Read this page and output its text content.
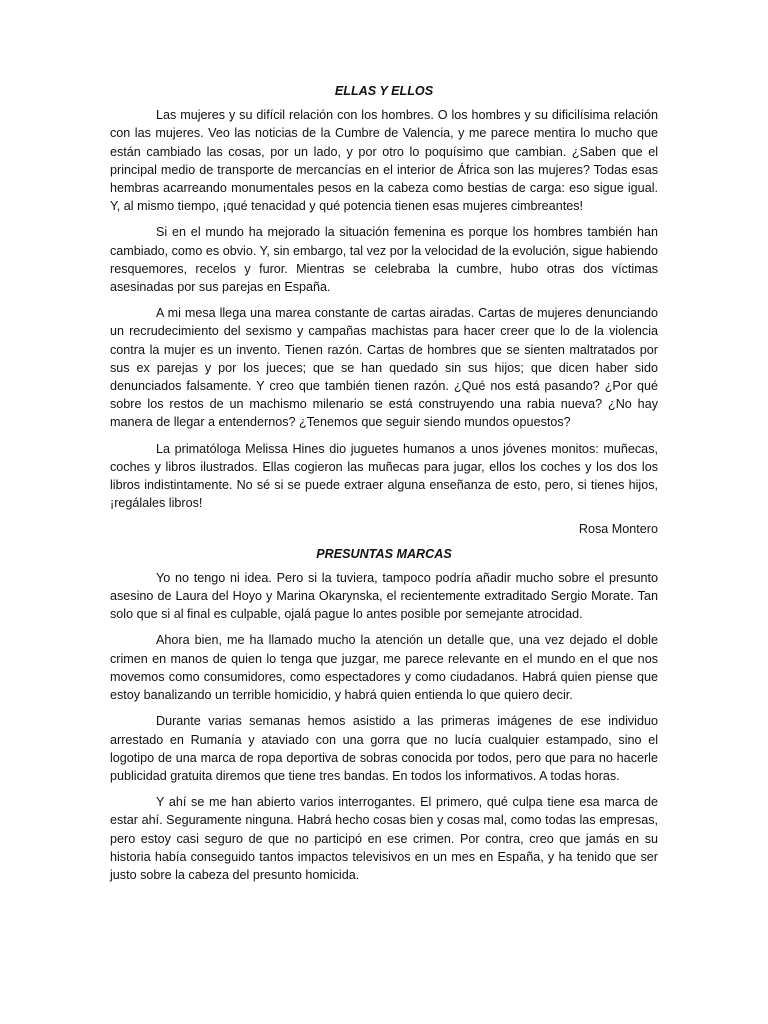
ELLAS Y ELLOS

Las mujeres y su difícil relación con los hombres. O los hombres y su dificilísima relación con las mujeres. Veo las noticias de la Cumbre de Valencia, y me parece mentira lo mucho que están cambiado las cosas, por un lado, y por otro lo poquísimo que cambian. ¿Saben que el principal medio de transporte de mercancías en el interior de África son las mujeres? Todas esas hembras acarreando monumentales pesos en la cabeza como bestias de carga: eso sigue igual. Y, al mismo tiempo, ¡qué tenacidad y qué potencia tienen esas mujeres cimbreantes!

Si en el mundo ha mejorado la situación femenina es porque los hombres también han cambiado, como es obvio. Y, sin embargo, tal vez por la velocidad de la evolución, sigue habiendo resquemores, recelos y furor. Mientras se celebraba la cumbre, hubo otras dos víctimas asesinadas por sus parejas en España.

A mi mesa llega una marea constante de cartas airadas. Cartas de mujeres denunciando un recrudecimiento del sexismo y campañas machistas para hacer creer que lo de la violencia contra la mujer es un invento. Tienen razón. Cartas de hombres que se sienten maltratados por sus ex parejas y por los jueces; que se han quedado sin sus hijos; que dicen haber sido denunciados falsamente. Y creo que también tienen razón. ¿Qué nos está pasando? ¿Por qué sobre los restos de un machismo milenario se está construyendo una rabia nueva? ¿No hay manera de llegar a entendernos? ¿Tenemos que seguir siendo mundos opuestos?

La primatóloga Melissa Hines dio juguetes humanos a unos jóvenes monitos: muñecas, coches y libros ilustrados. Ellas cogieron las muñecas para jugar, ellos los coches y los dos los libros indistintamente. No sé si se puede extraer alguna enseñanza de esto, pero, si tienes hijos, ¡regálales libros!

Rosa Montero

PRESUNTAS MARCAS

Yo no tengo ni idea. Pero si la tuviera, tampoco podría añadir mucho sobre el presunto asesino de Laura del Hoyo y Marina Okarynska, el recientemente extraditado Sergio Morate. Tan solo que si al final es culpable, ojalá pague lo antes posible por semejante atrocidad.

Ahora bien, me ha llamado mucho la atención un detalle que, una vez dejado el doble crimen en manos de quien lo tenga que juzgar, me parece relevante en el mundo en el que nos movemos como consumidores, como espectadores y como ciudadanos. Habrá quien piense que estoy banalizando un terrible homicidio, y habrá quien entienda lo que quiero decir.

Durante varias semanas hemos asistido a las primeras imágenes de ese individuo arrestado en Rumanía y ataviado con una gorra que no lucía cualquier estampado, sino el logotipo de una marca de ropa deportiva de sobras conocida por todos, pero que para no hacerle publicidad gratuita diremos que tiene tres bandas. En todos los informativos. A todas horas.

Y ahí se me han abierto varios interrogantes. El primero, qué culpa tiene esa marca de estar ahí. Seguramente ninguna. Habrá hecho cosas bien y cosas mal, como todas las empresas, pero estoy casi seguro de que no participó en ese crimen. Por contra, creo que jamás en su historia había conseguido tantos impactos televisivos en un mes en España, y ha tenido que ser justo sobre la cabeza del presunto homicida.
